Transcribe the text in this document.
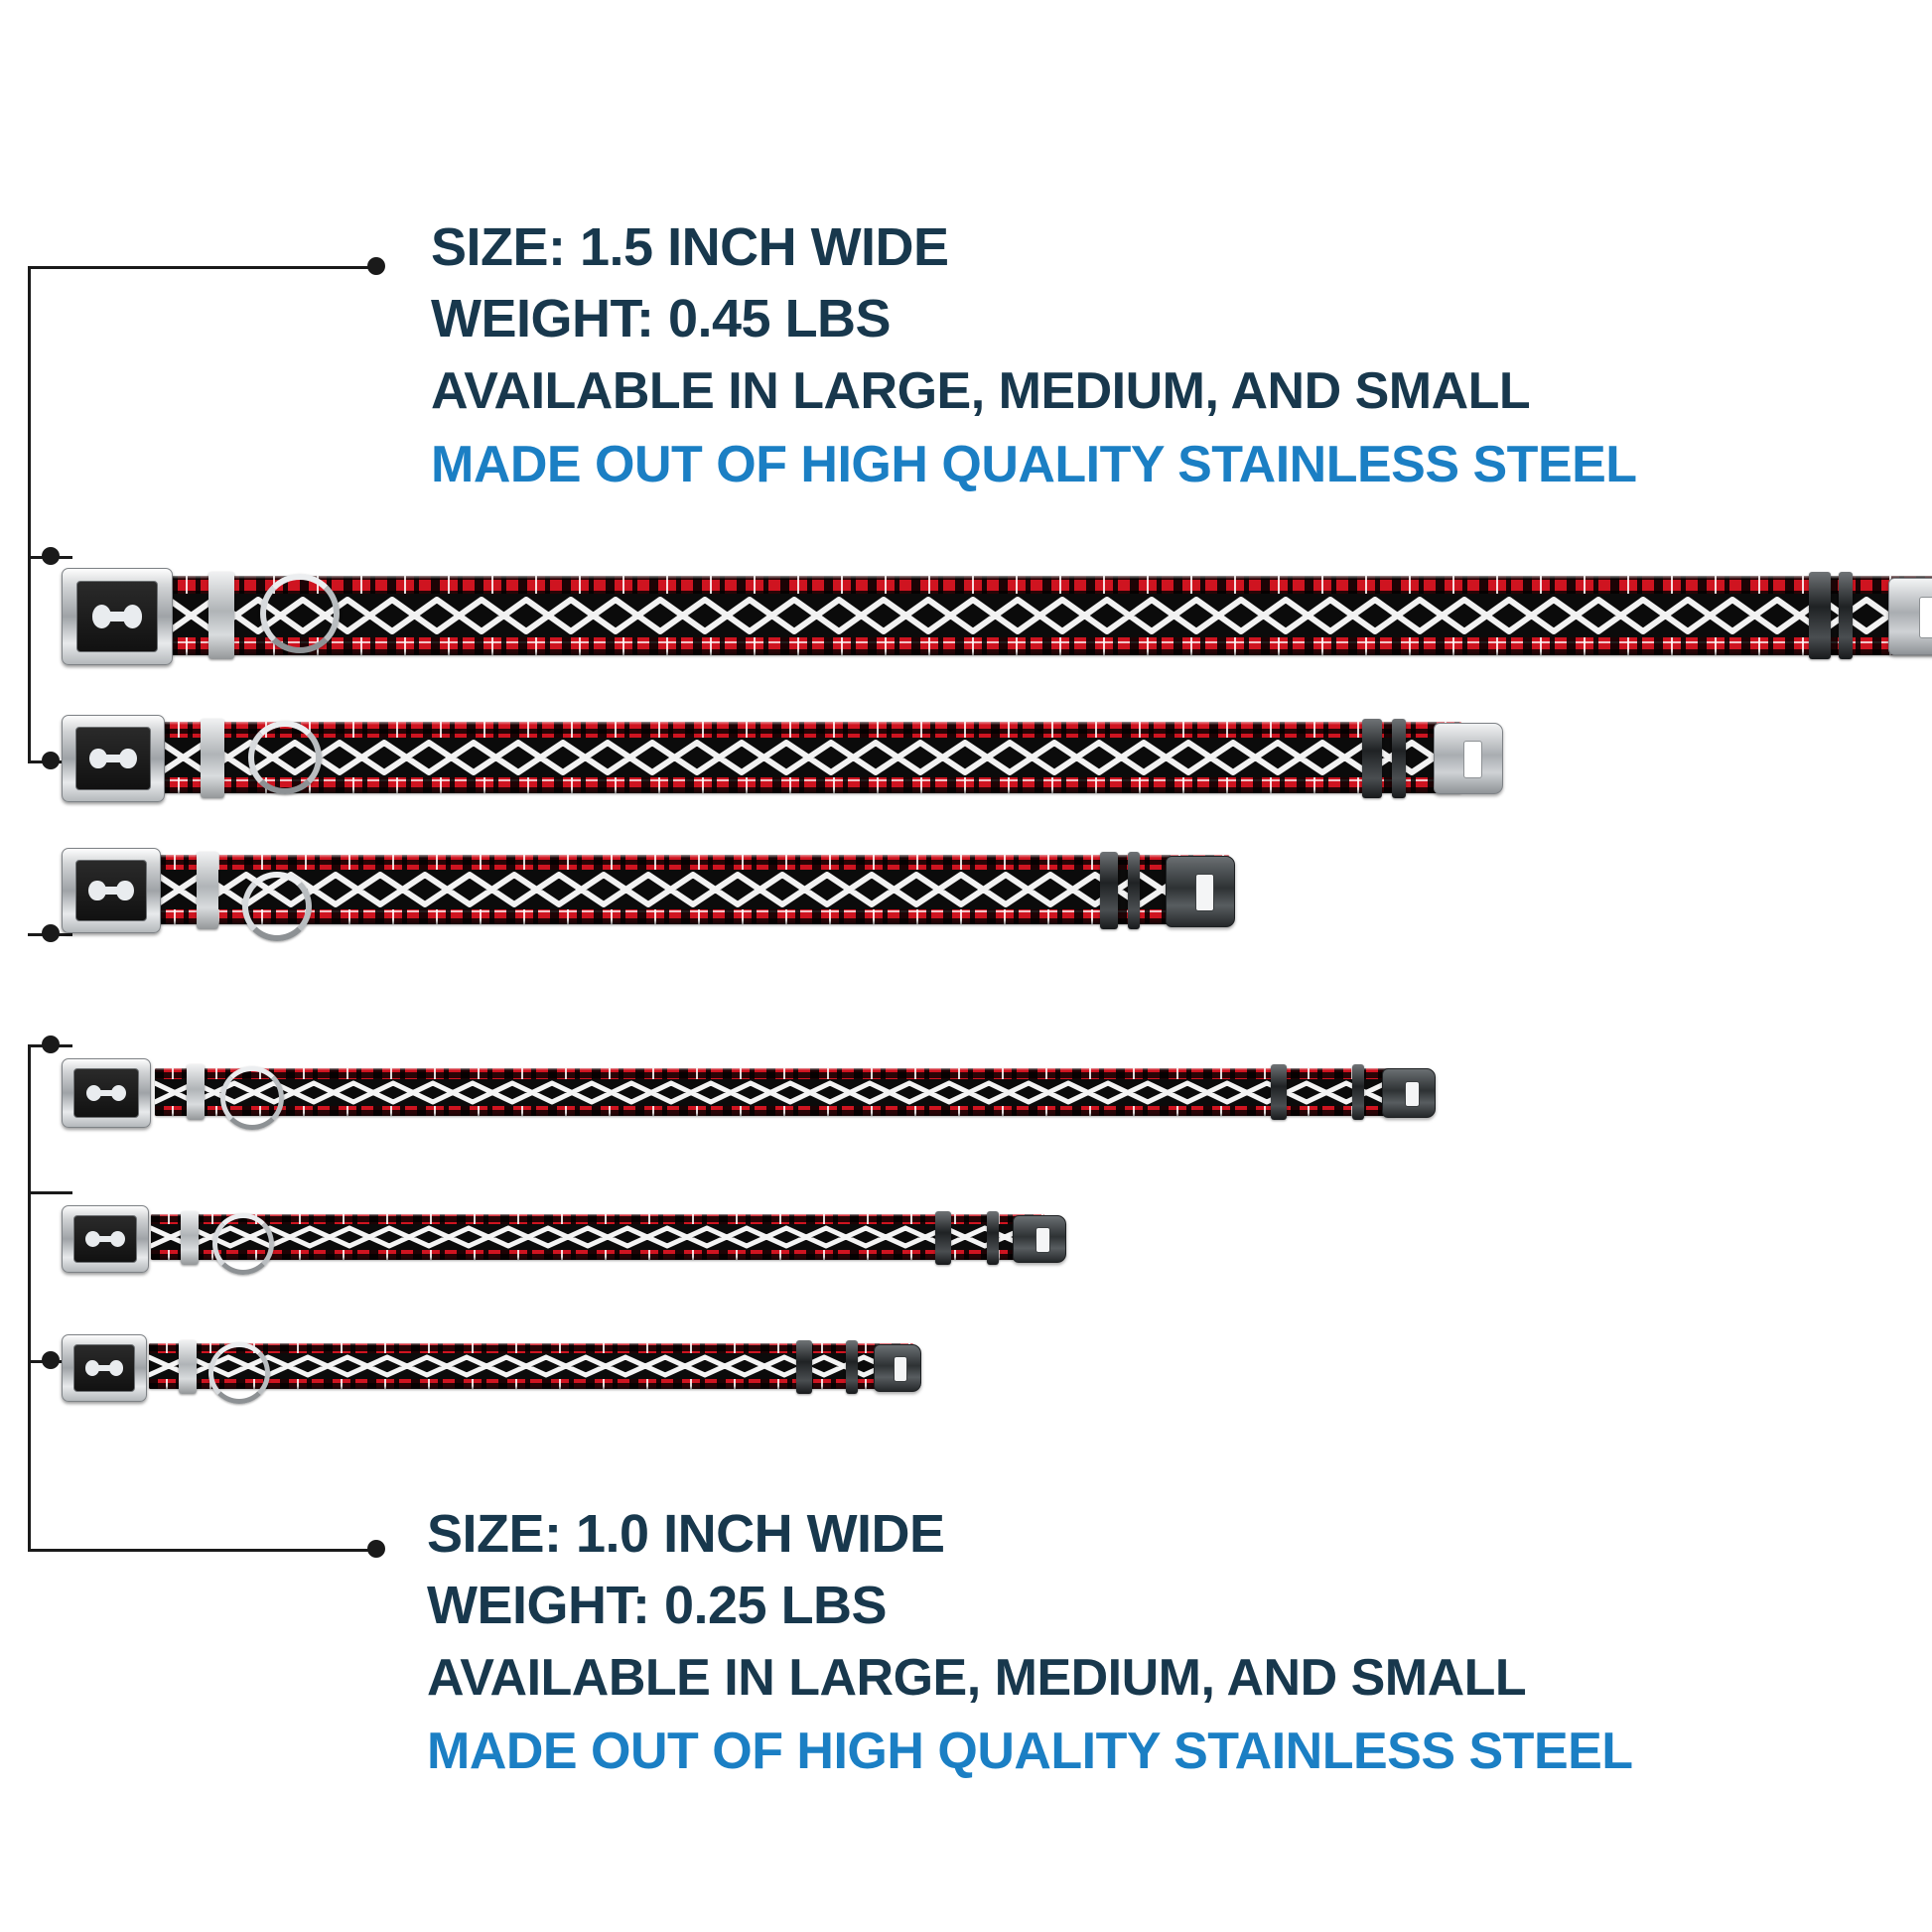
SIZE: 1.5 INCH WIDE
WEIGHT: 0.45 LBS
AVAILABLE IN LARGE, MEDIUM, AND SMALL
MADE OUT OF HIGH QUALITY STAINLESS STEEL
SIZE: 1.0 INCH WIDE
WEIGHT: 0.25 LBS
AVAILABLE IN LARGE, MEDIUM, AND SMALL
MADE OUT OF HIGH QUALITY STAINLESS STEEL
